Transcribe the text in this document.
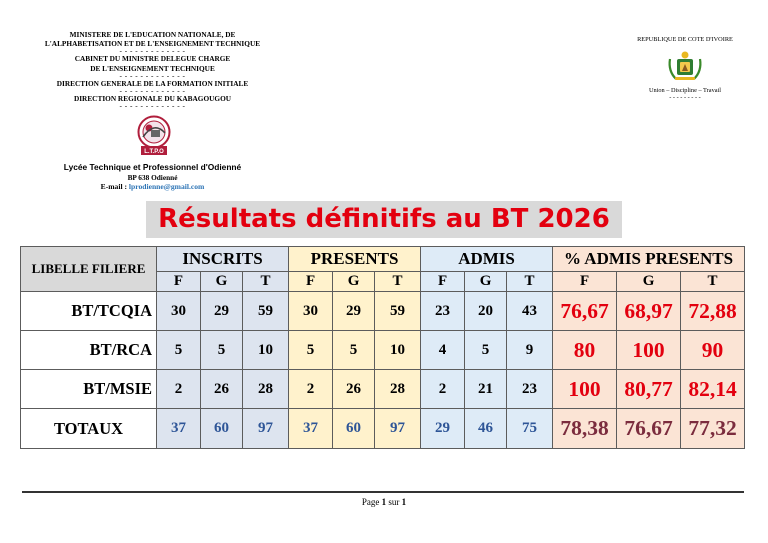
MINISTERE DE L'EDUCATION NATIONALE, DE
L'ALPHABETISATION ET DE L'ENSEIGNEMENT TECHNIQUE
- - - - - - - - - - - - -
CABINET DU MINISTRE DELEGUE CHARGE
DE L'ENSEIGNEMENT TECHNIQUE
- - - - - - - - - - - - -
DIRECTION GENERALE DE LA FORMATION INITIALE
- - - - - - - - - - - - -
DIRECTION REGIONALE DU KABAGOUGOU
- - - - - - - - - - - - -
REPUBLIQUE DE COTE D'IVOIRE
Union – Discipline – Travail
- - - - - - - - -
L.T.P.O
Lycée Technique et Professionnel d'Odienné
BP 638 Odienné
E-mail : lprodienne@gmail.com
Résultats définitifs au BT 2026
LIBELLE FILIERE	INSCRITS			PRESENTS			ADMIS			% ADMIS PRESENTS		
	F	G	T	F	G	T	F	G	T	F	G	T
BT/TCQIA	30	29	59	30	29	59	23	20	43	76,67	68,97	72,88
BT/RCA	5	5	10	5	5	10	4	5	9	80	100	90
BT/MSIE	2	26	28	2	26	28	2	21	23	100	80,77	82,14
TOTAUX	37	60	97	37	60	97	29	46	75	78,38	76,67	77,32
Page 1 sur 1
